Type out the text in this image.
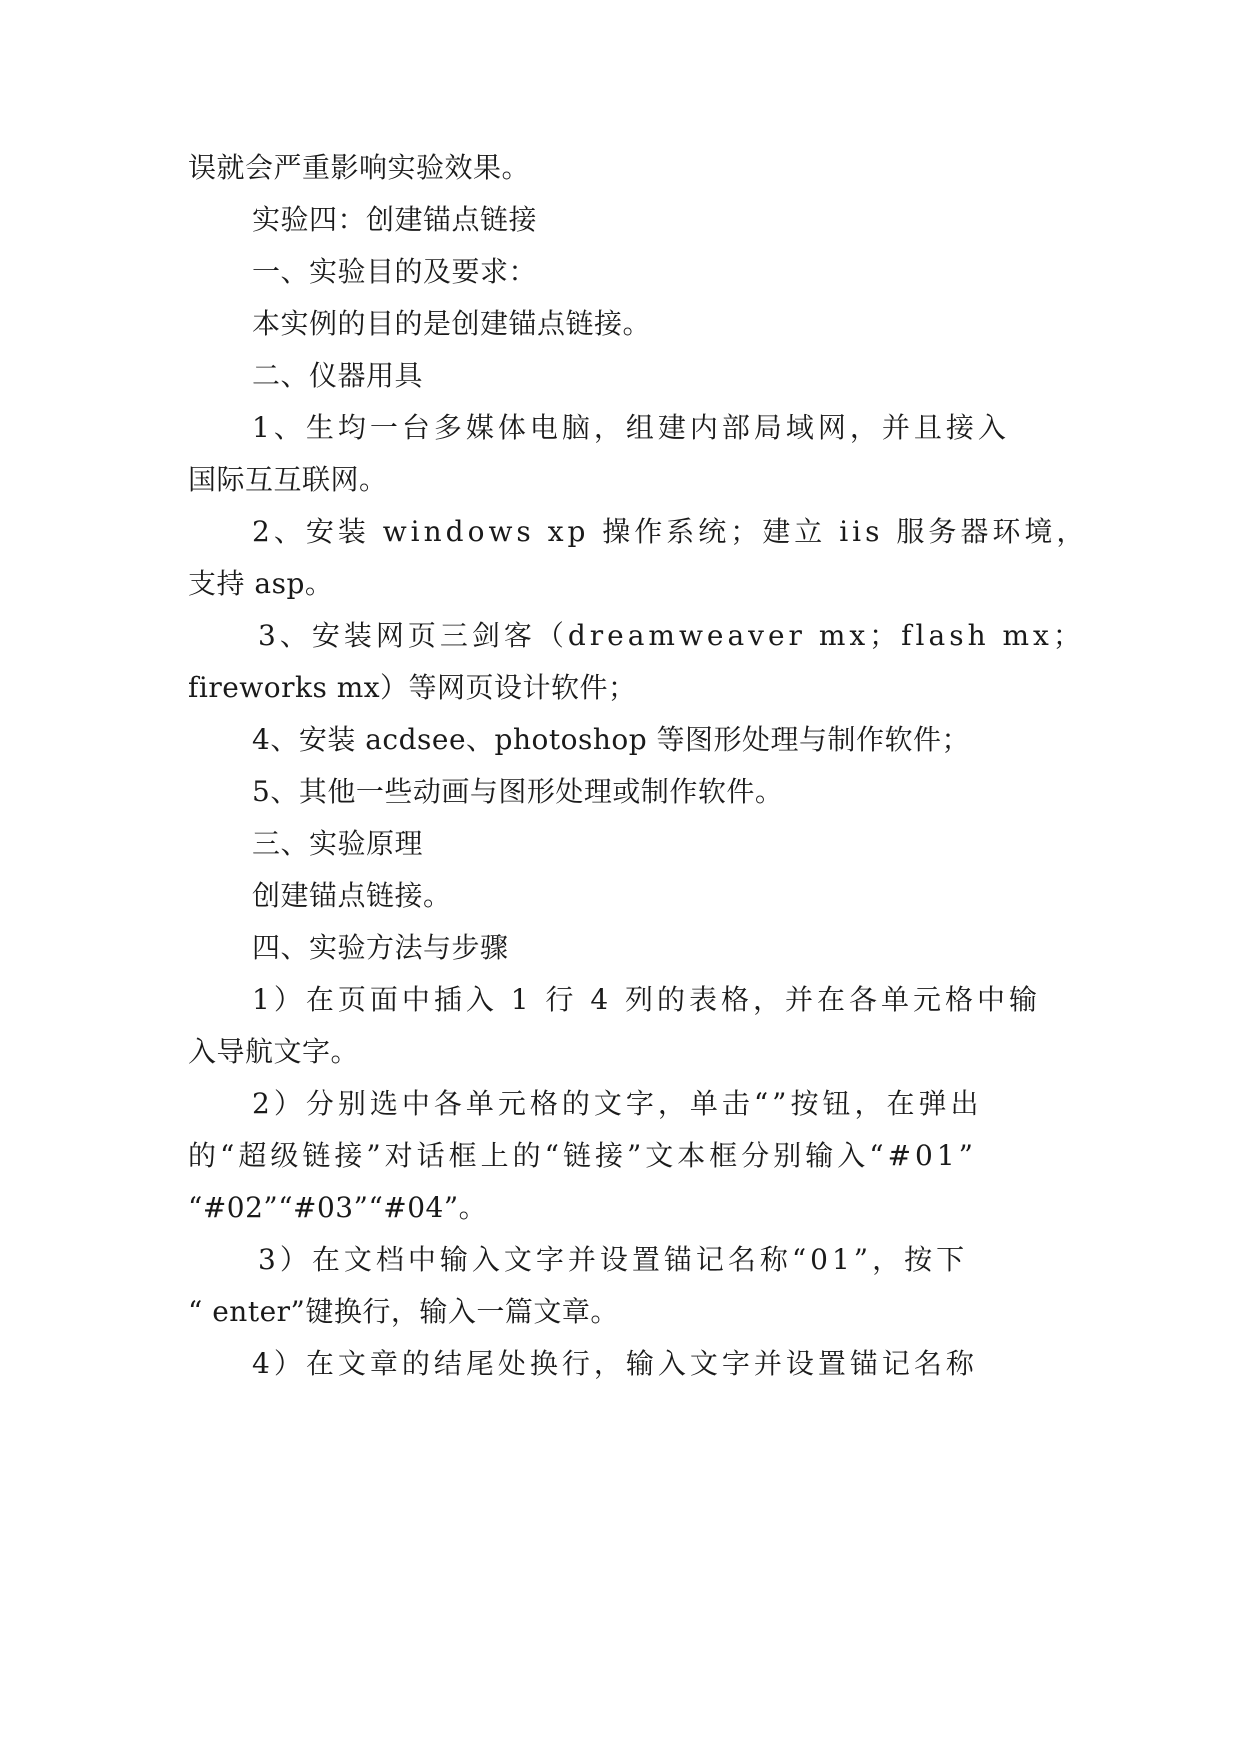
误就会严重影响实验效果。
实验四：创建锚点链接
一、实验目的及要求：
本实例的目的是创建锚点链接。
二、仪器用具
1、生均一台多媒体电脑，组建内部局域网，并且接入
国际互互联网。
2、安装 windows xp 操作系统；建立 iis 服务器环境，
支持 asp。
3、安装网页三剑客（dreamweaver mx；flash mx；
fireworks mx）等网页设计软件；
4、安装 acdsee、photoshop 等图形处理与制作软件；
5、其他一些动画与图形处理或制作软件。
三、实验原理
创建锚点链接。
四、实验方法与步骤
1）在页面中插入 1 行 4 列的表格，并在各单元格中输
入导航文字。
2）分别选中各单元格的文字，单击“”按钮，在弹出
的“超级链接”对话框上的“链接”文本框分别输入“#01”
“#02”“#03”“#04”。
3）在文档中输入文字并设置锚记名称“01”，按下
“ enter”键换行，输入一篇文章。
4）在文章的结尾处换行，输入文字并设置锚记名称
